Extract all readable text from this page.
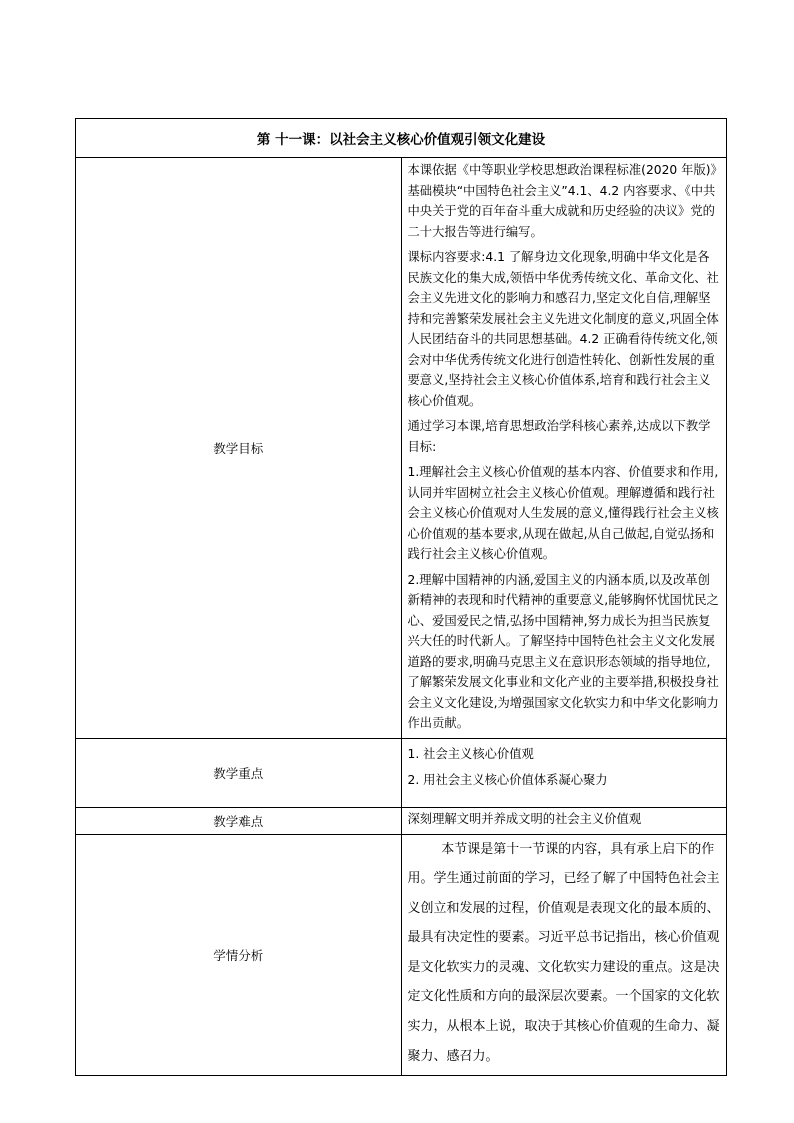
第 十一课：以社会主义核心价值观引领文化建设	
教学目标	本课依据《中等职业学校思想政治课程标准(2020 年版)》基础模块“中国特色社会主义”4.1、4.2 内容要求、《中共中央关于党的百年奋斗重大成就和历史经验的决议》党的二十大报告等进行编写。

课标内容要求:4.1 了解身边文化现象,明确中华文化是各民族文化的集大成,领悟中华优秀传统文化、革命文化、社会主义先进文化的影响力和感召力,坚定文化自信,理解坚持和完善繁荣发展社会主义先进文化制度的意义,巩固全体人民团结奋斗的共同思想基础。4.2 正确看待传统文化,领会对中华优秀传统文化进行创造性转化、创新性发展的重要意义,坚持社会主义核心价值体系,培育和践行社会主义核心价值观。

通过学习本课,培育思想政治学科核心素养,达成以下教学目标:

1.理解社会主义核心价值观的基本内容、价值要求和作用,认同并牢固树立社会主义核心价值观。理解遵循和践行社会主义核心价值观对人生发展的意义,懂得践行社会主义核心价值观的基本要求,从现在做起,从自己做起,自觉弘扬和践行社会主义核心价值观。

2.理解中国精神的内涵,爱国主义的内涵本质,以及改革创新精神的表现和时代精神的重要意义,能够胸怀忧国忧民之心、爱国爱民之情,弘扬中国精神,努力成长为担当民族复兴大任的时代新人。了解坚持中国特色社会主义文化发展道路的要求,明确马克思主义在意识形态领域的指导地位,了解繁荣发展文化事业和文化产业的主要举措,积极投身社会主义文化建设,为增强国家文化软实力和中华文化影响力作出贡献。

教学重点	1. 社会主义核心价值观

2. 用社会主义核心价值体系凝心聚力

教学难点	深刻理解文明并养成文明的社会主义价值观

学情分析	本节课是第十一节课的内容，具有承上启下的作用。学生通过前面的学习，已经了解了中国特色社会主义创立和发展的过程，价值观是表现文化的最本质的、最具有决定性的要素。习近平总书记指出，核心价值观是文化软实力的灵魂、文化软实力建设的重点。这是决定文化性质和方向的最深层次要素。一个国家的文化软实力，从根本上说，取决于其核心价值观的生命力、凝聚力、感召力。
